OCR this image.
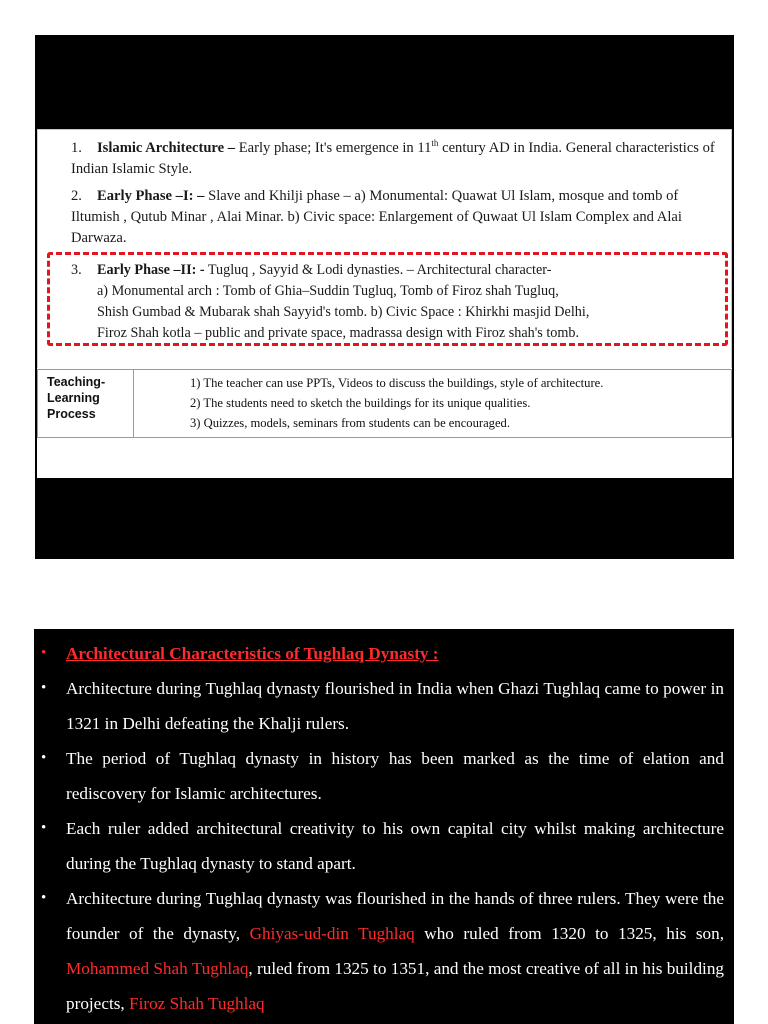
1. Islamic Architecture – Early phase; It's emergence in 11th century AD in India. General characteristics of Indian Islamic Style.
2. Early Phase –I: – Slave and Khilji phase – a) Monumental: Quawat Ul Islam, mosque and tomb of Iltumish , Qutub Minar , Alai Minar. b) Civic space: Enlargement of Quwaat Ul Islam Complex and Alai Darwaza.
3. Early Phase –II: - Tugluq , Sayyid & Lodi dynasties. – Architectural character-
a) Monumental arch : Tomb of Ghia–Suddin Tugluq, Tomb of Firoz shah Tugluq,
Shish Gumbad & Mubarak shah Sayyid's tomb. b) Civic Space : Khirkhi masjid Delhi,
Firoz Shah kotla – public and private space, madrassa design with Firoz shah's tomb.
Teaching-
Learning
Process
1) The teacher can use PPTs, Videos to discuss the buildings, style of architecture.
2) The students need to sketch the buildings for its unique qualities.
3) Quizzes, models, seminars from students can be encouraged.
• Architectural Characteristics of Tughlaq Dynasty :
• Architecture during Tughlaq dynasty flourished in India when Ghazi Tughlaq came to power in 1321 in Delhi defeating the Khalji rulers.
• The period of Tughlaq dynasty in history has been marked as the time of elation and rediscovery for Islamic architectures.
• Each ruler added architectural creativity to his own capital city whilst making architecture during the Tughlaq dynasty to stand apart.
• Architecture during Tughlaq dynasty was flourished in the hands of three rulers. They were the founder of the dynasty, Ghiyas-ud-din Tughlaq who ruled from 1320 to 1325, his son, Mohammed Shah Tughlaq, ruled from 1325 to 1351, and the most creative of all in his building projects, Firoz Shah Tughlaq
